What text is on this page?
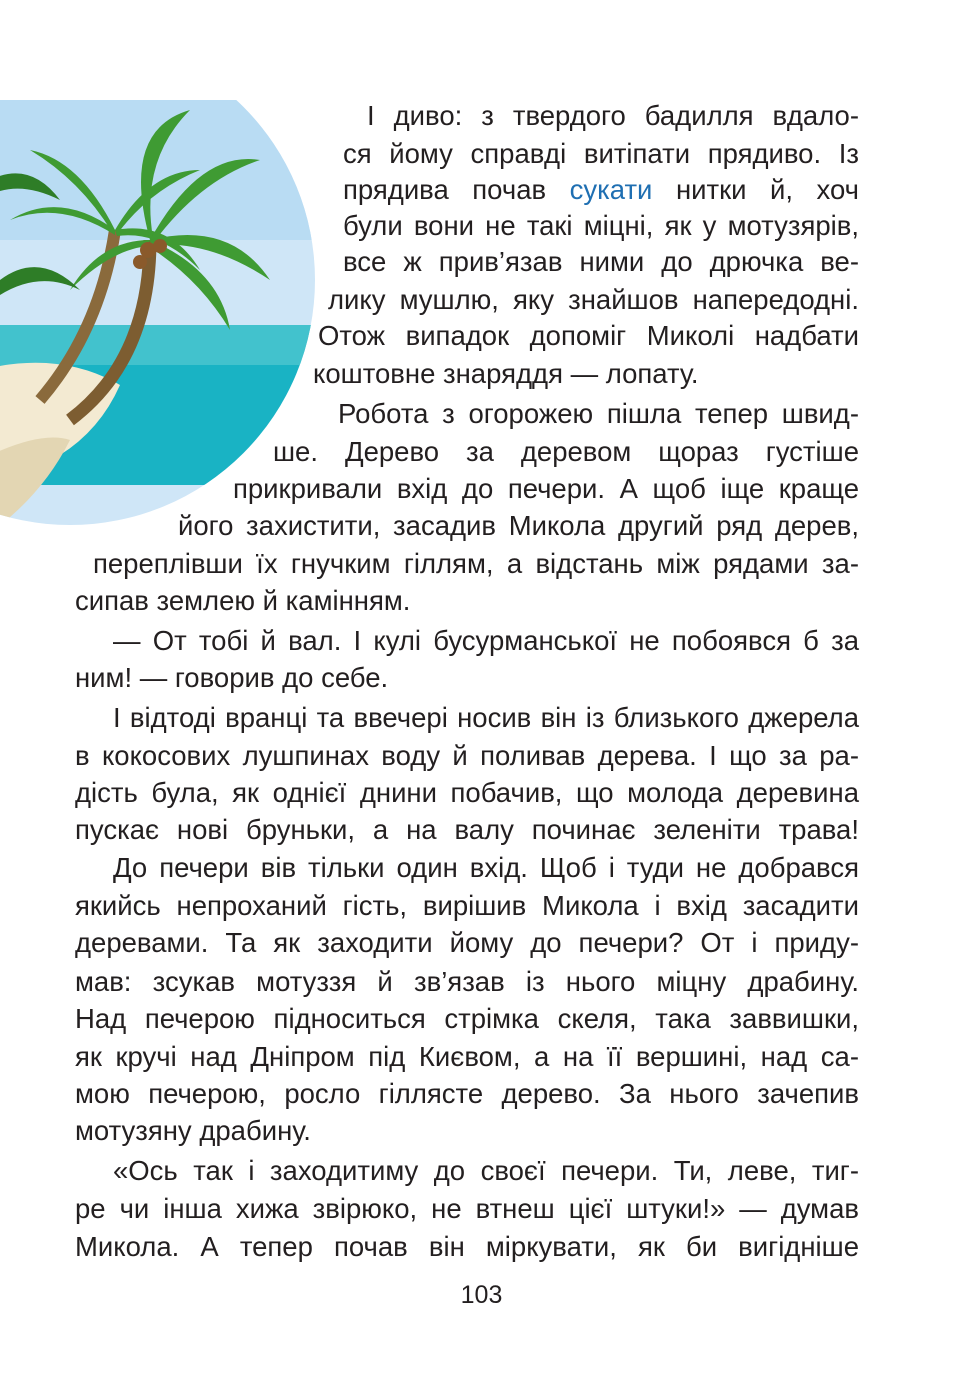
І диво: з твердого бадилля вдало-
ся йому справді витіпати прядиво. Із
прядива почав сукати нитки й, хоч
були вони не такі міцні, як у мотузярів,
все ж прив’язав ними до дрючка ве-
лику мушлю, яку знайшов напередодні.
Отож випадок допоміг Миколі надбати
коштовне знаряддя — лопату.
Робота з огорожею пішла тепер швид-
ше. Дерево за деревом щораз густіше
прикривали вхід до печери. А щоб іще краще
його захистити, засадив Микола другий ряд дерев,
переплівши їх гнучким гіллям, а відстань між рядами за-
сипав землею й камінням.
— От тобі й вал. І кулі бусурманської не побоявся б за
ним! — говорив до себе.
І відтоді вранці та ввечері носив він із близького джерела
в кокосових лушпинах воду й поливав дерева. І що за ра-
дість була, як однієї днини побачив, що молода деревина
пускає нові бруньки, а на валу починає зеленіти трава!
До печери вів тільки один вхід. Щоб і туди не добрався
якийсь непроханий гість, вирішив Микола і вхід засадити
деревами. Та як заходити йому до печери? От і приду-
мав: зсукав мотуззя й зв’язав із нього міцну драбину.
Над печерою підноситься стрімка скеля, така заввишки,
як кручі над Дніпром під Києвом, а на її вершині, над са-
мою печерою, росло гіллясте дерево. За нього зачепив
мотузяну драбину.
«Ось так і заходитиму до своєї печери. Ти, леве, тиг-
ре чи інша хижа звірюко, не втнеш цієї штуки!» — думав
Микола. А тепер почав він міркувати, як би вигідніше
103
